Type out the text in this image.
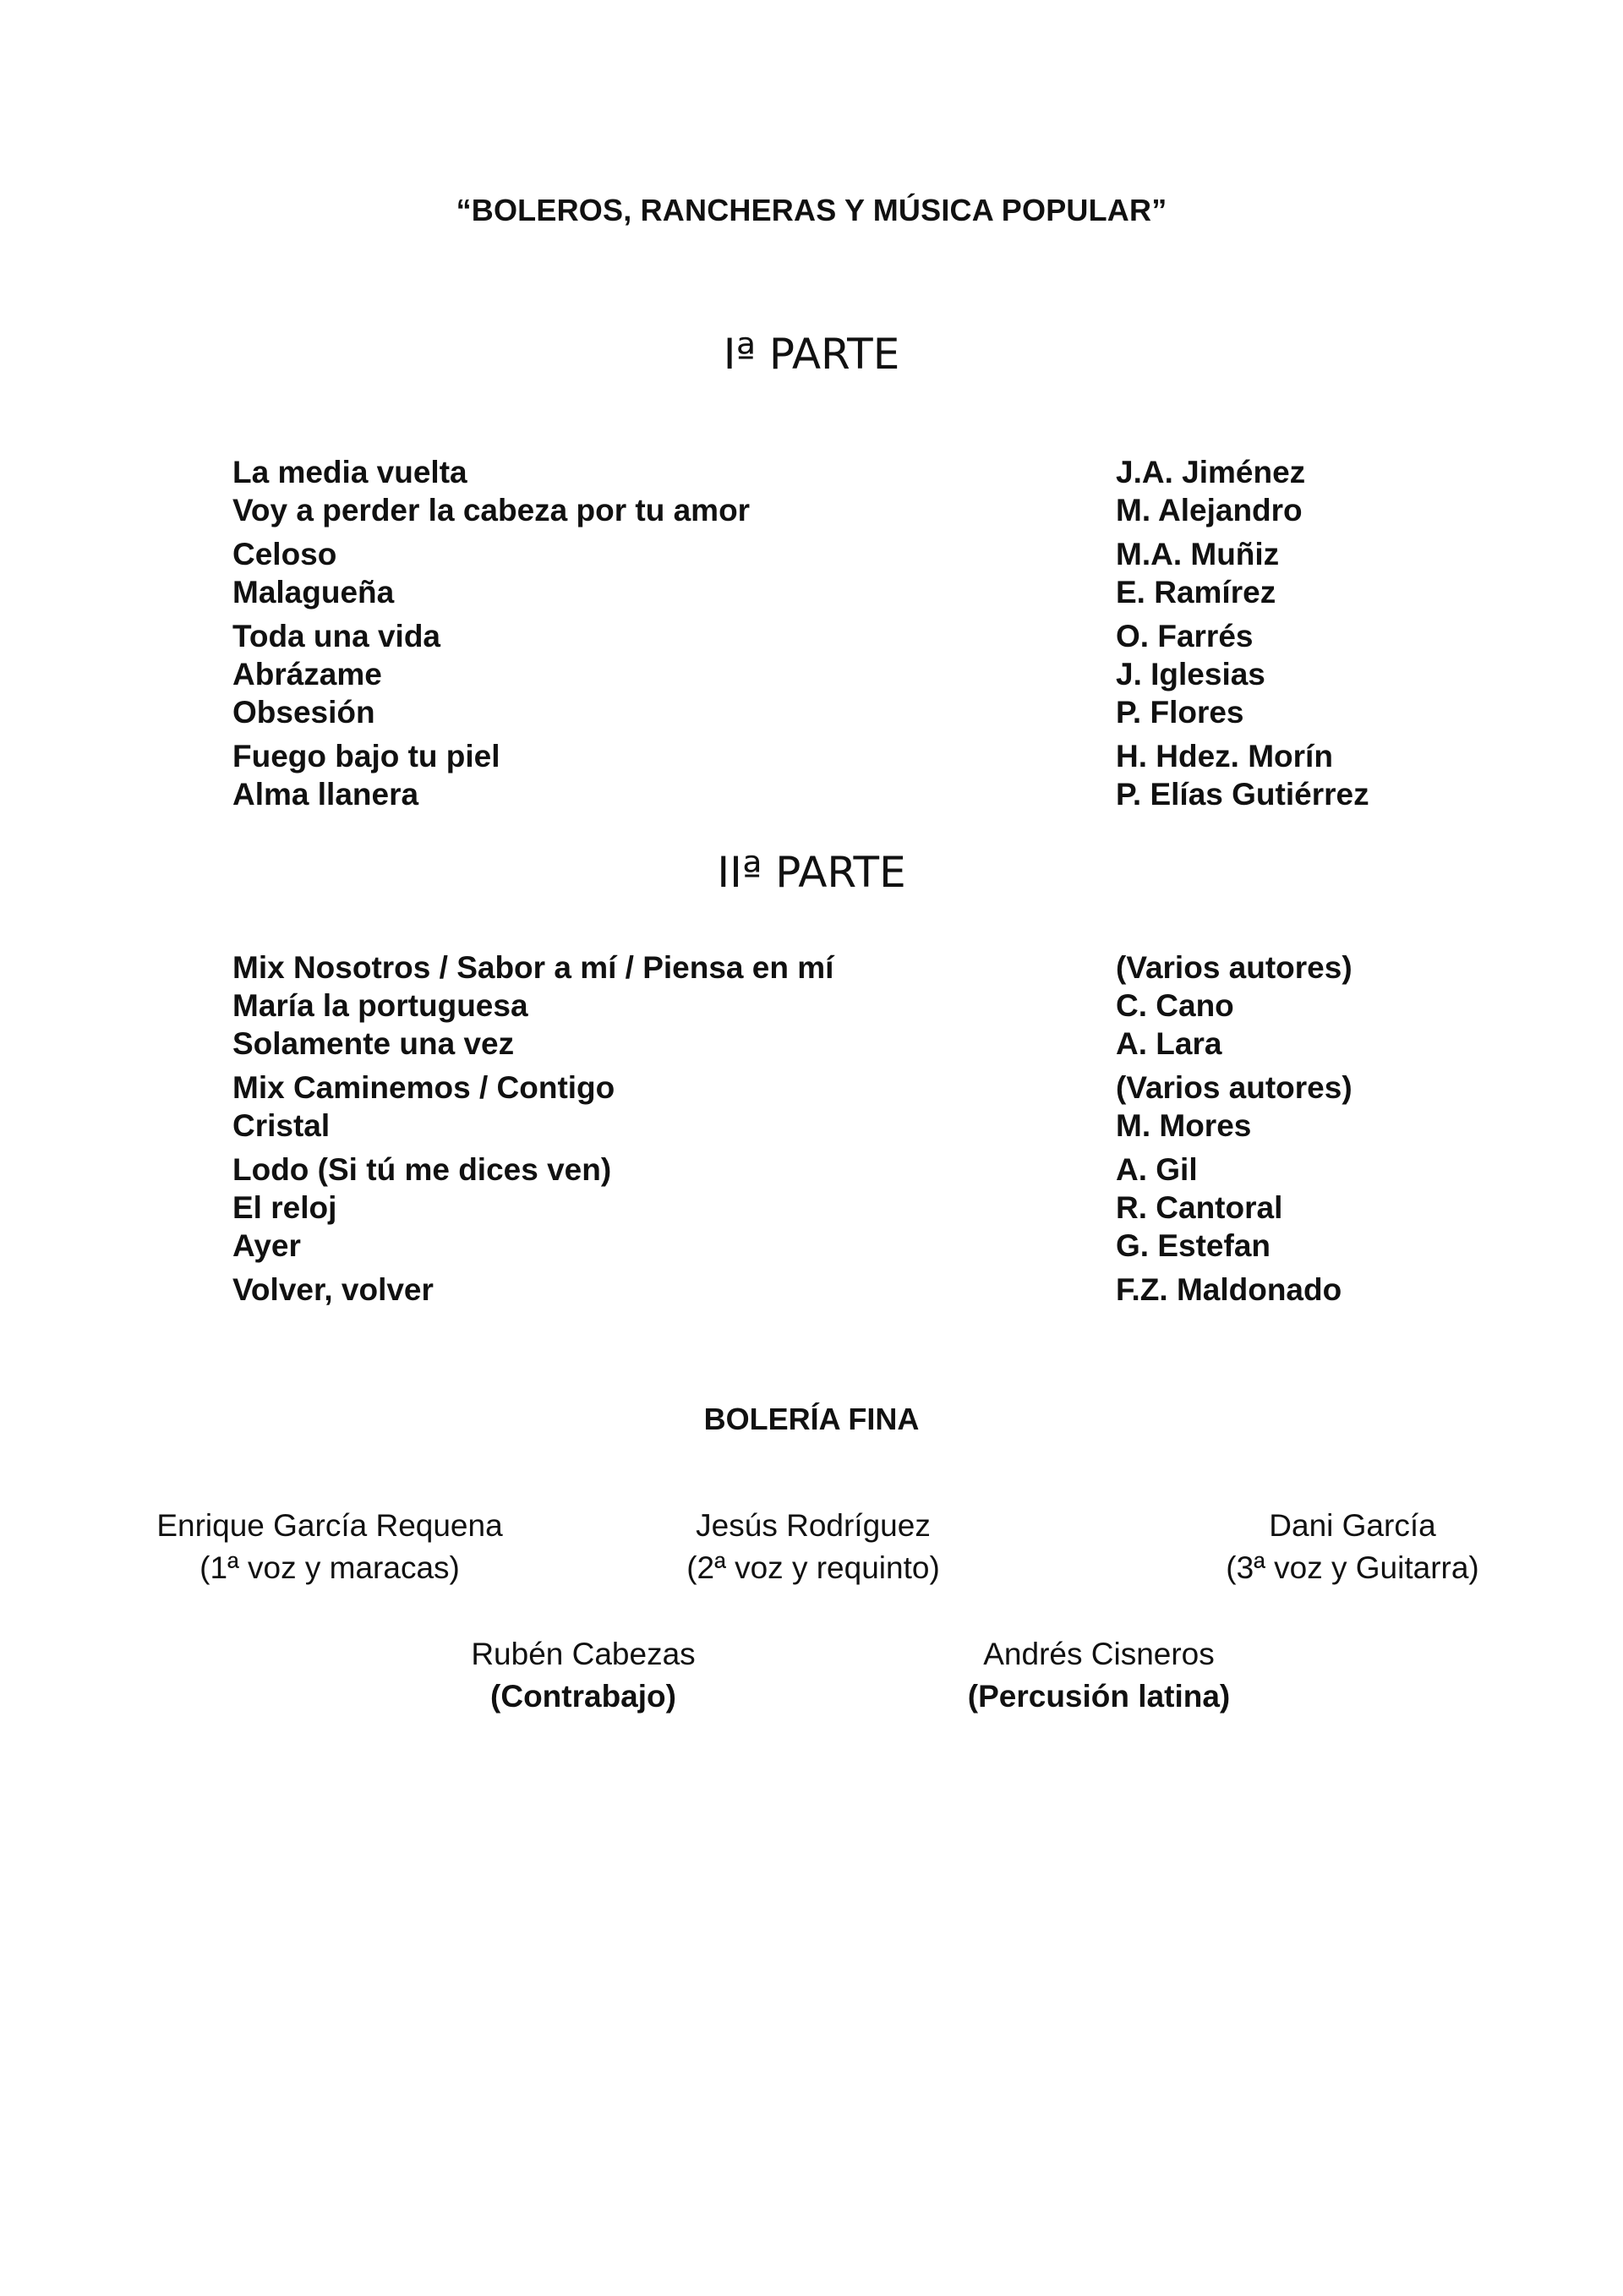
“BOLEROS, RANCHERAS Y MÚSICA POPULAR”
Iª PARTE
La media vuelta	J.A. Jiménez
Voy a perder la cabeza por tu amor	M. Alejandro
Celoso	M.A. Muñiz
Malagueña	E. Ramírez
Toda una vida	O. Farrés
Abrázame	J. Iglesias
Obsesión	P. Flores
Fuego bajo tu piel	H. Hdez. Morín
Alma llanera	P. Elías Gutiérrez
IIª PARTE
Mix Nosotros / Sabor a mí / Piensa en mí	(Varios autores)
María la portuguesa	C. Cano
Solamente una vez	A. Lara
Mix Caminemos / Contigo	(Varios autores)
Cristal	M. Mores
Lodo (Si tú me dices ven)	A. Gil
El reloj	R. Cantoral
Ayer	G. Estefan
Volver, volver	F.Z. Maldonado
BOLERÍA FINA
Enrique García Requena
(1ª voz y maracas)
Jesús Rodríguez
(2ª voz y requinto)
Dani García
(3ª voz y Guitarra)
Rubén Cabezas
(Contrabajo)
Andrés Cisneros
(Percusión latina)
